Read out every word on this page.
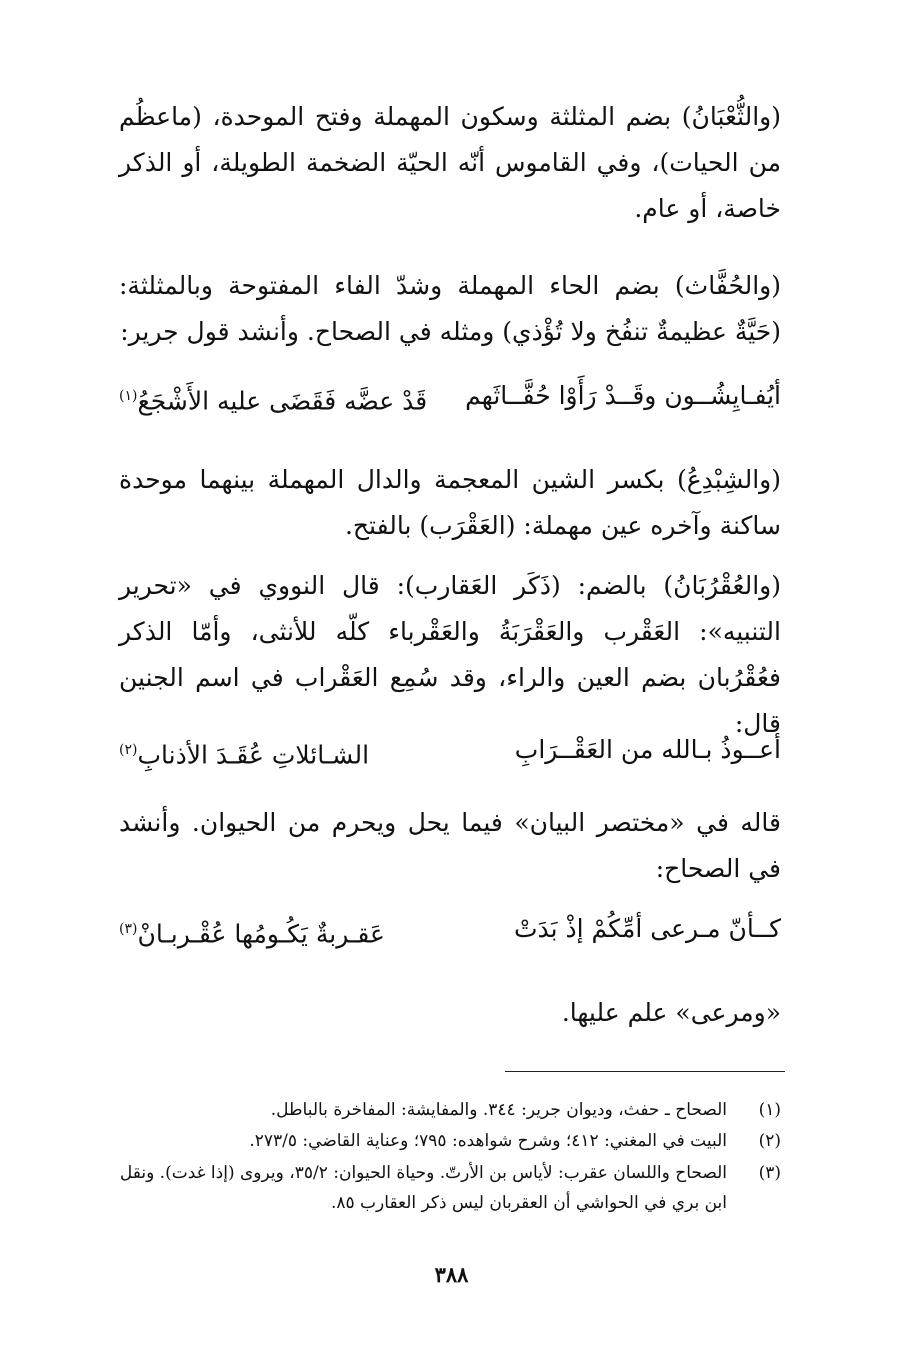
(والثُّعْبَانُ) بضم المثلثة وسكون المهملة وفتح الموحدة، (ماعظُم من الحيات)، وفي القاموس أنّه الحيّة الضخمة الطويلة، أو الذكر خاصة، أو عام.

(والحُفَّاث) بضم الحاء المهملة وشدّ الفاء المفتوحة وبالمثلثة: (حَيَّةٌ عظيمةٌ تنفُخ ولا تُؤْذي) ومثله في الصحاح. وأنشد قول جرير:

أيُفـايِشُــون وقَــدْ رَأَوْا حُفَّــاثَهم
قَدْ عضَّه فَقَضَى عليه الأَشْجَعُ$^{(١)}$

(والشِبْدِعُ) بكسر الشين المعجمة والدال المهملة بينهما موحدة ساكنة وآخره عين مهملة: (العَقْرَب) بالفتح.

(والعُقْرُبَانُ) بالضم: (ذَكَر العَقارب): قال النووي في «تحرير التنبيه»: العَقْرب والعَقْرَبَةُ والعَقْرباء كلّه للأنثى، وأمّا الذكر فعُقْرُبان بضم العين والراء، وقد سُمِع العَقْراب في اسم الجنين قال:

أعــوذُ بـالله من العَقْــرَابِ
الشـائلاتِ عُقَـدَ الأذنابِ$^{(٢)}$

قاله في «مختصر البيان» فيما يحل ويحرم من الحيوان. وأنشد في الصحاح:

كــأنّ مـرعى أمِّكُمْ إذْ بَدَتْ
عَقـربةٌ يَكُـومُها عُقْـربـانْ$^{(٣)}$

«ومرعى» علم عليها.

(١)
الصحاح ـ حفث، وديوان جرير: ٣٤٤. والمفايشة: المفاخرة بالباطل.
(٢)
البيت في المغني: ٤١٢؛ وشرح شواهده: ٧٩٥؛ وعناية القاضي: ٢٧٣/٥.
(٣)
الصحاح واللسان عقرب: لأياس بن الأرتّ. وحياة الحيوان: ٣٥/٢، ويروى (إذا غدت). ونقل ابن بري في الحواشي أن العقربان ليس ذكر العقارب ٨٥.
٣٨٨
